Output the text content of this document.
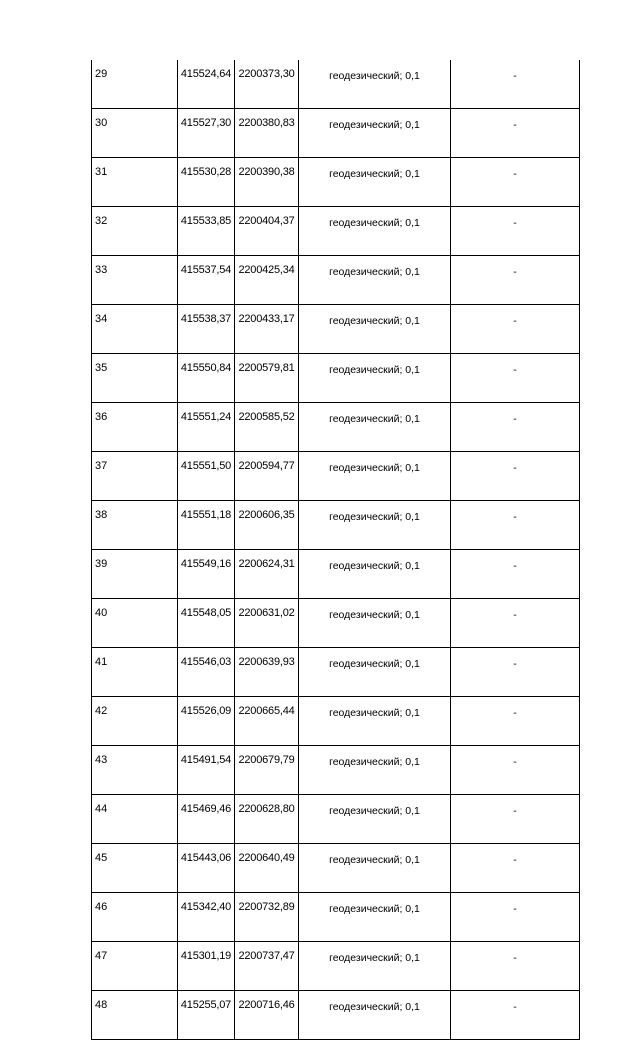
29	415524,64	2200373,30	геодезический; 0,1	-
30	415527,30	2200380,83	геодезический; 0,1	-
31	415530,28	2200390,38	геодезический; 0,1	-
32	415533,85	2200404,37	геодезический; 0,1	-
33	415537,54	2200425,34	геодезический; 0,1	-
34	415538,37	2200433,17	геодезический; 0,1	-
35	415550,84	2200579,81	геодезический; 0,1	-
36	415551,24	2200585,52	геодезический; 0,1	-
37	415551,50	2200594,77	геодезический; 0,1	-
38	415551,18	2200606,35	геодезический; 0,1	-
39	415549,16	2200624,31	геодезический; 0,1	-
40	415548,05	2200631,02	геодезический; 0,1	-
41	415546,03	2200639,93	геодезический; 0,1	-
42	415526,09	2200665,44	геодезический; 0,1	-
43	415491,54	2200679,79	геодезический; 0,1	-
44	415469,46	2200628,80	геодезический; 0,1	-
45	415443,06	2200640,49	геодезический; 0,1	-
46	415342,40	2200732,89	геодезический; 0,1	-
47	415301,19	2200737,47	геодезический; 0,1	-
48	415255,07	2200716,46	геодезический; 0,1	-
